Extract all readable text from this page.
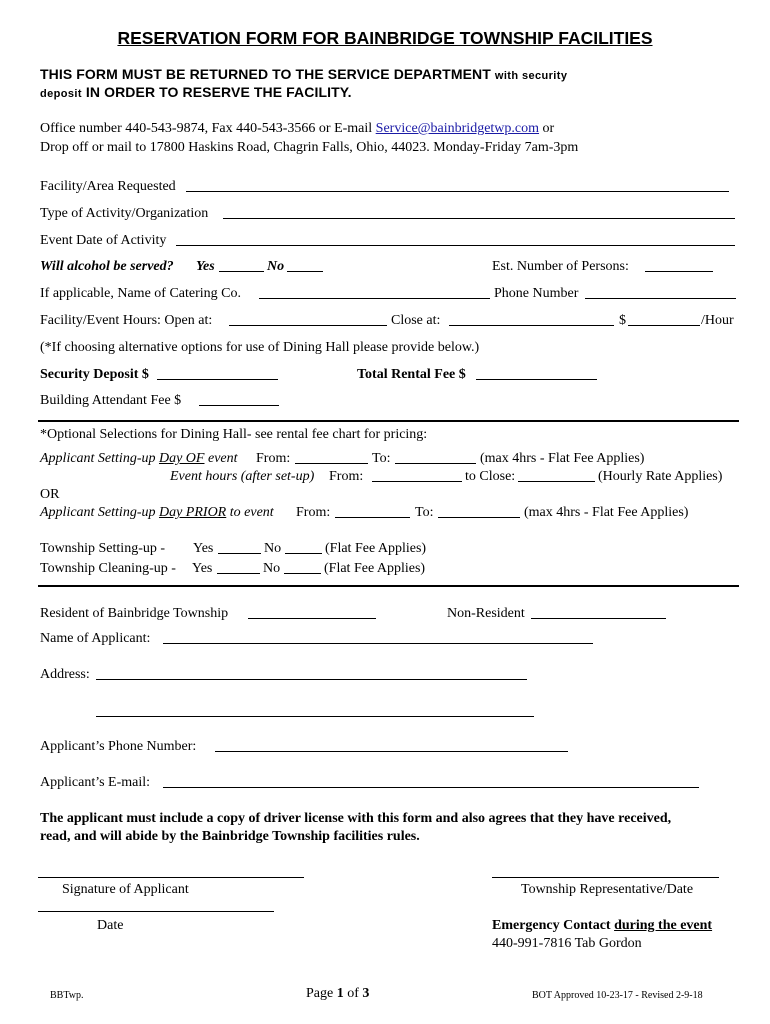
RESERVATION FORM FOR BAINBRIDGE TOWNSHIP FACILITIES
THIS FORM MUST BE RETURNED TO THE SERVICE DEPARTMENT with security
deposit IN ORDER TO RESERVE THE FACILITY.
Office number 440-543-9874, Fax 440-543-3566 or E-mail Service@bainbridgetwp.com or
Drop off or mail to 17800 Haskins Road, Chagrin Falls, Ohio, 44023. Monday-Friday 7am-3pm
Facility/Area Requested
Type of Activity/Organization
Event Date of Activity
Will alcohol be served? Yes	No	Est. Number of Persons:
If applicable, Name of Catering Co.	Phone Number
Facility/Event Hours: Open at:	Close at:	$	/Hour
(*If choosing alternative options for use of Dining Hall please provide below.)
Security Deposit $	Total Rental Fee $
Building Attendant Fee $
*Optional Selections for Dining Hall- see rental fee chart for pricing:
Applicant Setting-up Day OF event From:	To:	(max 4hrs - Flat Fee Applies)
Event hours (after set-up) From:	to Close:	(Hourly Rate Applies)
OR
Applicant Setting-up Day PRIOR to event From:	To:	(max 4hrs - Flat Fee Applies)
Township Setting-up - Yes	No	(Flat Fee Applies)
Township Cleaning-up - Yes	No	(Flat Fee Applies)
Resident of Bainbridge Township	Non-Resident
Name of Applicant:
Address:
Applicant’s Phone Number:
Applicant’s E-mail:
The applicant must include a copy of driver license with this form and also agrees that they have received,
read, and will abide by the Bainbridge Township facilities rules.
Signature of Applicant	Township Representative/Date
Date	Emergency Contact during the event
440-991-7816 Tab Gordon
BBTwp.	Page 1 of 3	BOT Approved 10-23-17 - Revised 2-9-18
